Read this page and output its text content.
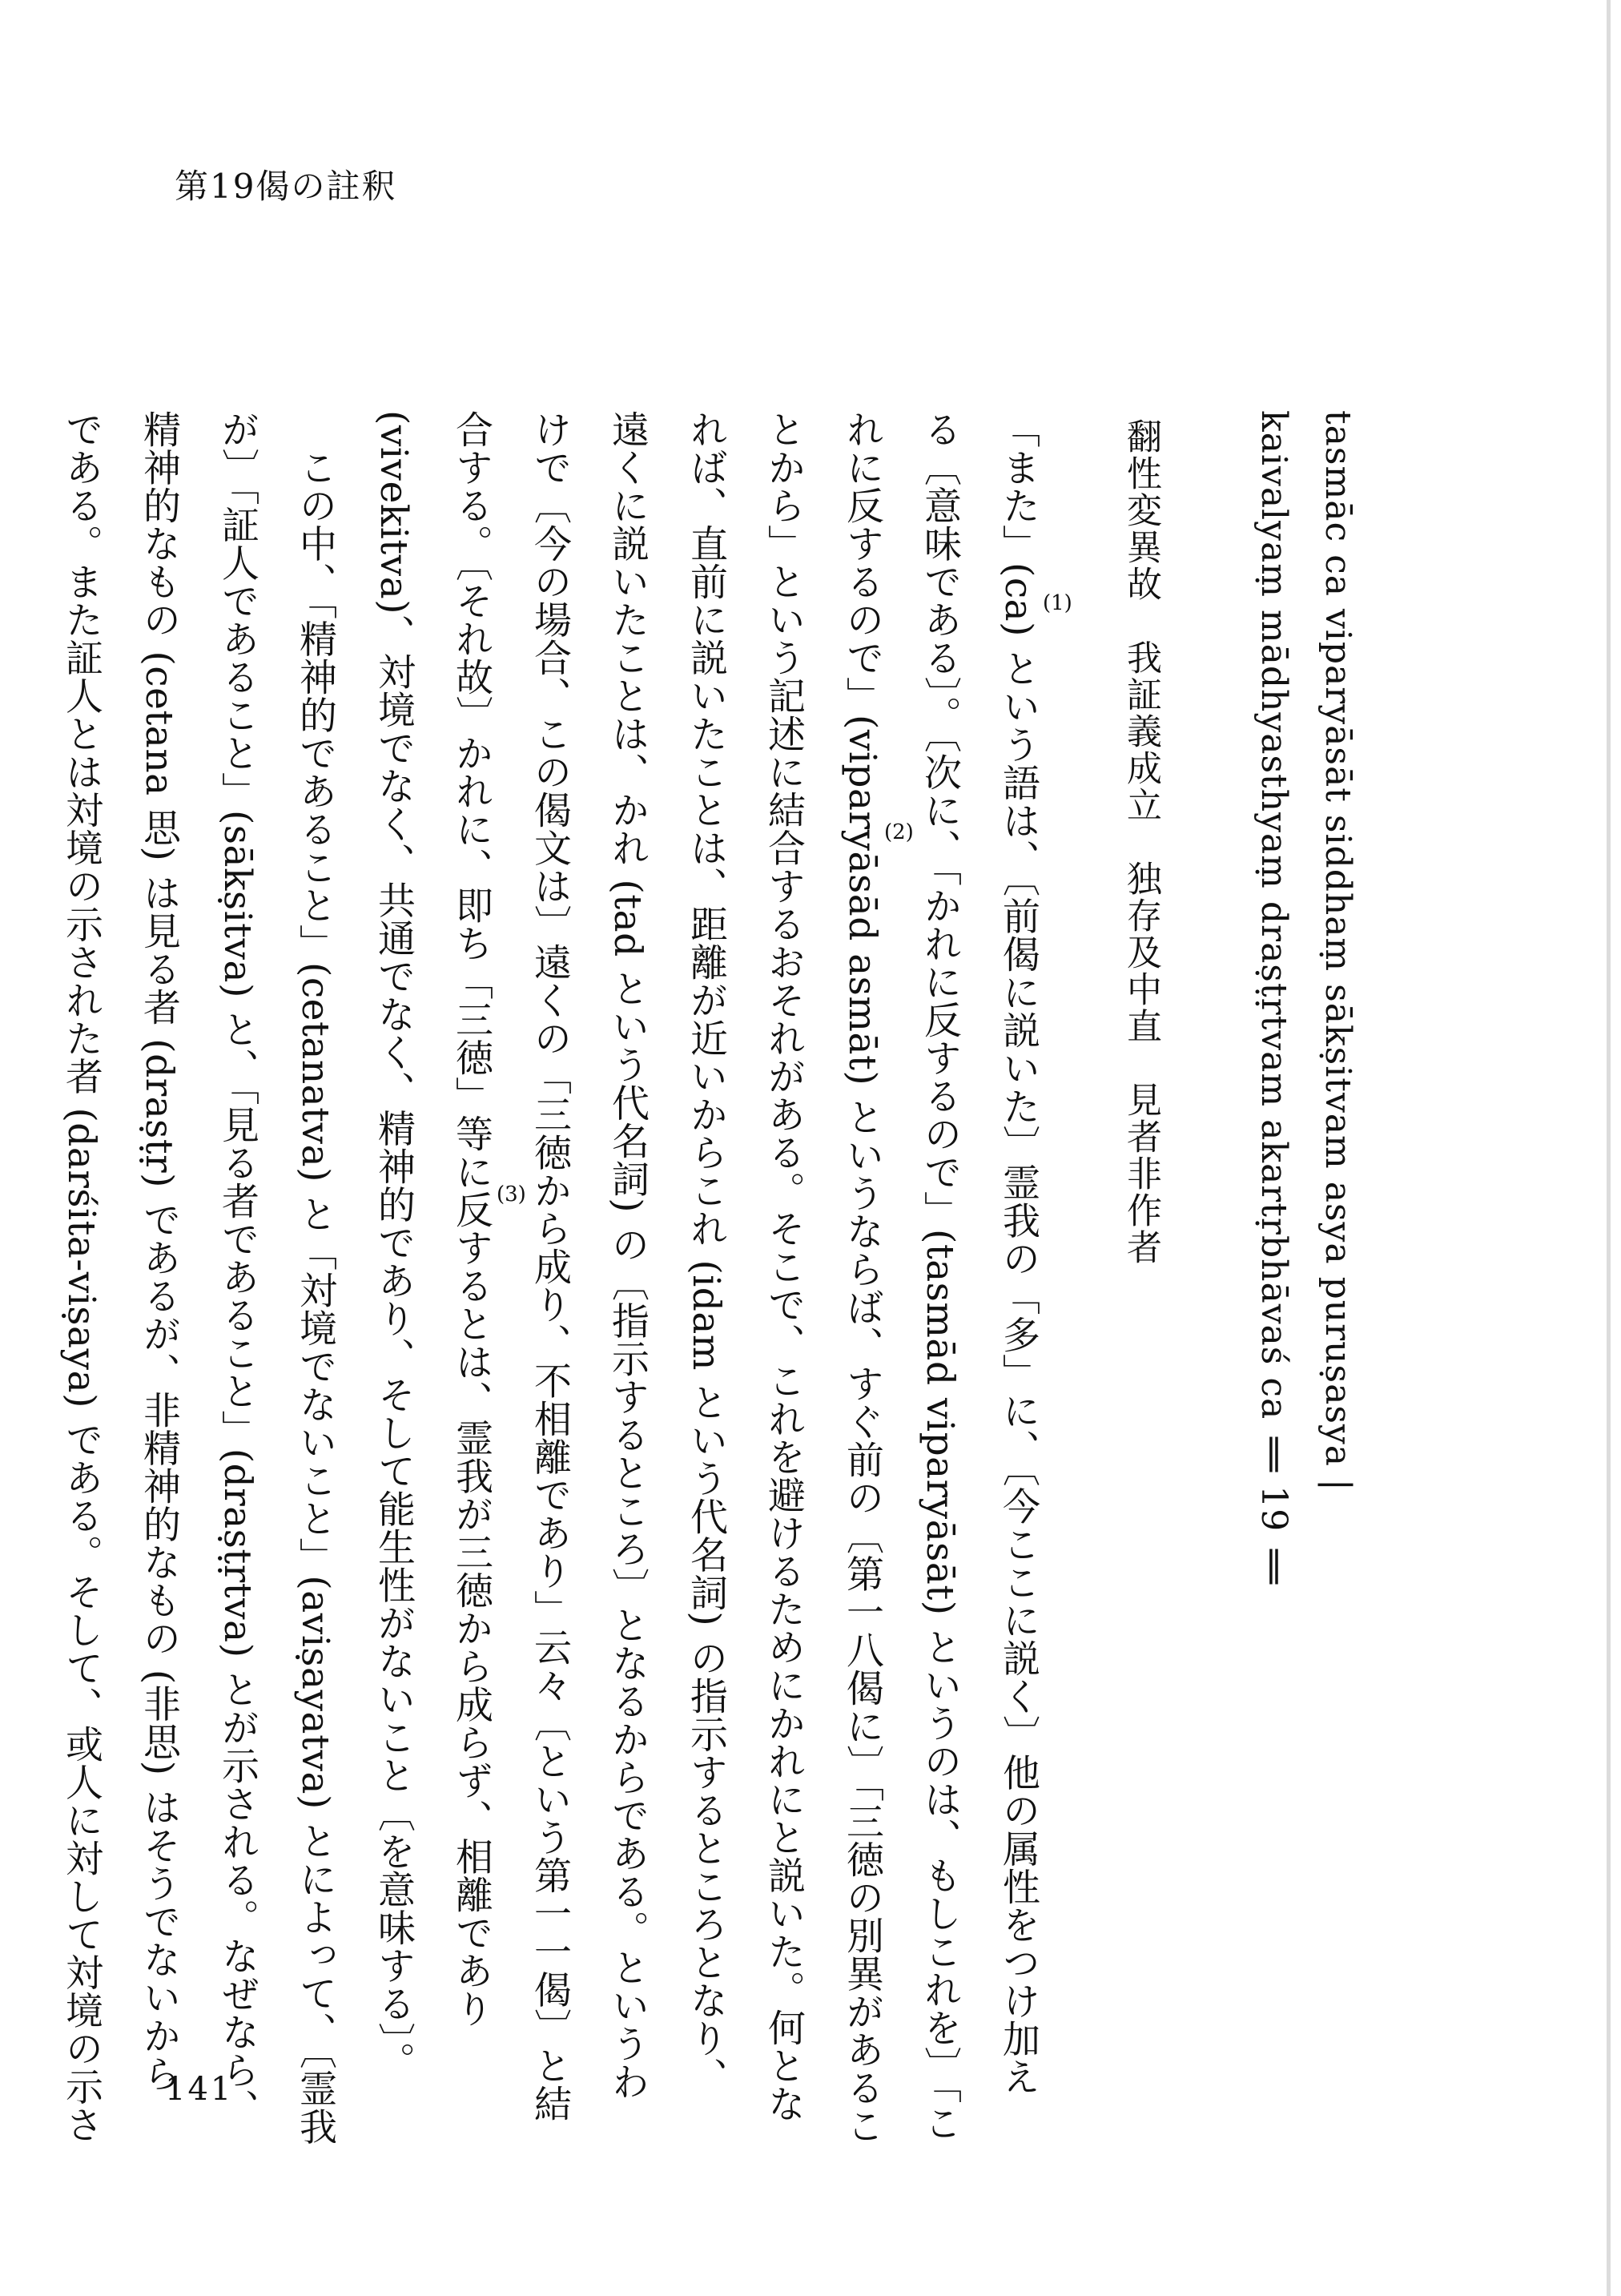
第19偈の註釈
tasmāc ca viparyāsāt siddhaṃ sākṣitvam asya puruṣasya |
kaivalyaṃ mādhyasthyaṃ draṣṭṛtvam akartṛbhāvaś ca ‖ 19 ‖
翻性変異故　我証義成立　独存及中直　見者非作者
「また」(ca) という語は、〔前偈に説いた〕霊我の「多」に、〔今ここに説く〕他の属性をつけ加え
る〔意味である〕。〔次に、「かれに反するので」(tasmād viparyāsāt) というのは、もしこれを〕「こ
れに反するので」(viparyāsād asmāt) というならば、すぐ前の〔第一八偈に〕「三徳の別異があるこ
とから」という記述に結合するおそれがある。そこで、これを避けるためにかれにと説いた。何とな
れば、直前に説いたことは、距離が近いからこれ (idam という代名詞) の指示するところとなり、
遠くに説いたことは、かれ (tad という代名詞) の〔指示するところ〕となるからである。というわ
けで〔今の場合、この偈文は〕遠くの「三徳から成り、不相離であり」云々〔という第一一偈〕と結
合する。〔それ故〕かれに、即ち「三徳」等に反するとは、霊我が三徳から成らず、相離であり
(vivekitva)、対境でなく、共通でなく、精神的であり、そして能生性がないこと〔を意味する〕。
　この中、「精神的であること」(cetanatva) と「対境でないこと」(aviṣayatva) とによって、〔霊我
が〕「証人であること」(sākṣitva) と、「見る者であること」(draṣṭṛtva) とが示される。なぜなら、
精神的なもの (cetana 思) は見る者 (draṣṭṛ) であるが、非精神的なもの (非思) はそうでないから
である。また証人とは対境の示された者 (darśita-viṣaya) である。そして、或人に対して対境の示さ	(1)
(2)
(3)
141
